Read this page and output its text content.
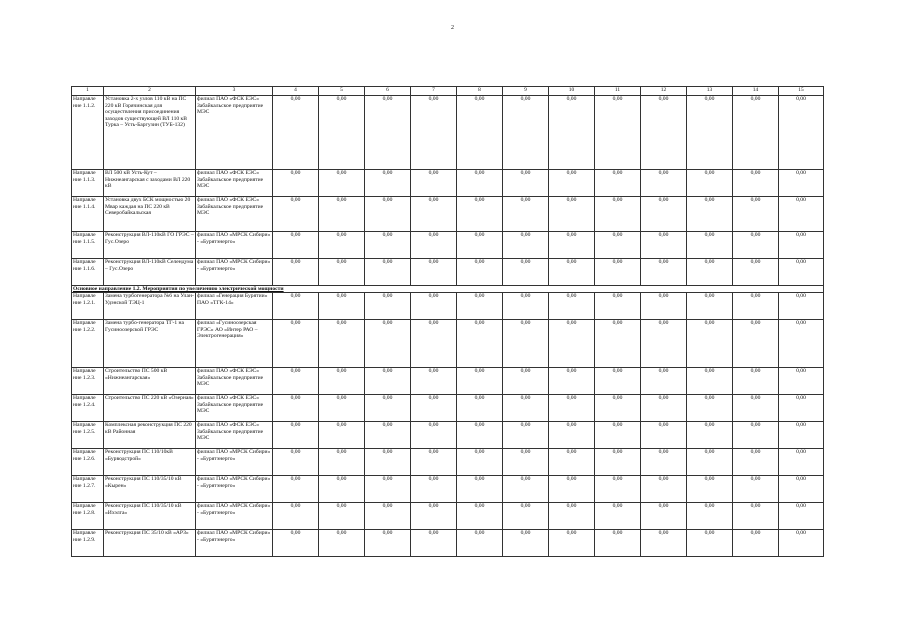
2
1	2	3	4	5	6	7	8	9	10	11	12	13	14	15
Направле
ние 1.1.2.	Установка 2-х узлов 110 кВ на ПС 220 кВ Горячинская для осуществления присоединения заходов существующей ВЛ 110 кВ Турка – Усть-Баргузин (ТУБ-132)	филиал ПАО «ФСК ЕЭС» Забайкальское предприятие МЭС	0,00	0,00	0,00	0,00	0,00	0,00	0,00	0,00	0,00	0,00	0,00	0,00
Направле
ние 1.1.3.	ВЛ 500 кВ Усть-Кут – Нижнеангарская с заходами ВЛ 220 кВ	филиал ПАО «ФСК ЕЭС» Забайкальское предприятие МЭС	0,00	0,00	0,00	0,00	0,00	0,00	0,00	0,00	0,00	0,00	0,00	0,00
Направле
ние 1.1.4.	Установка двух БСК мощностью 20 Мвар каждая на ПС 220 кВ Северобайкальская	филиал ПАО «ФСК ЕЭС» Забайкальское предприятие МЭС	0,00	0,00	0,00	0,00	0,00	0,00	0,00	0,00	0,00	0,00	0,00	0,00
Направле
ние 1.1.5.	Реконструкция ВЛ-110кВ ГО ГРЭС – Гус.Озеро	филиал ПАО «МРСК Сибири» - «Бурятэнерго»	0,00	0,00	0,00	0,00	0,00	0,00	0,00	0,00	0,00	0,00	0,00	0,00
Направле
ние 1.1.6.	Реконструкция ВЛ-110кВ Селендума – Гус.Озеро	филиал ПАО «МРСК Сибири» - «Бурятэнерго»	0,00	0,00	0,00	0,00	0,00	0,00	0,00	0,00	0,00	0,00	0,00	0,00
Основное направление 1.2. Мероприятия по увеличению электрической мощности														
Направле
ние 1.2.1.	Замена турбогенератора №6 на Улан-Удэнской ТЭЦ-1	филиал «Генерация Бурятии» ПАО «ТГК-14»	0,00	0,00	0,00	0,00	0,00	0,00	0,00	0,00	0,00	0,00	0,00	0,00
Направле
ние 1.2.2.	Замена турбо-генератора ТГ-1 на Гусиноозерской ГРЭС	филиал «Гусиноозерская ГРЭС» АО «Интер РАО – Электрогенерация»	0,00	0,00	0,00	0,00	0,00	0,00	0,00	0,00	0,00	0,00	0,00	0,00
Направле
ние 1.2.3.	Строительство ПС 500 кВ «Нижнеангарская»	филиал ПАО «ФСК ЕЭС» Забайкальское предприятие МЭС	0,00	0,00	0,00	0,00	0,00	0,00	0,00	0,00	0,00	0,00	0,00	0,00
Направле
ние 1.2.4.	Строительство ПС 220 кВ «Озерная»	филиал ПАО «ФСК ЕЭС» Забайкальское предприятие МЭС	0,00	0,00	0,00	0,00	0,00	0,00	0,00	0,00	0,00	0,00	0,00	0,00
Направле
ние 1.2.5.	Комплексная реконструкция ПС 220 кВ Районная	филиал ПАО «ФСК ЕЭС» Забайкальское предприятие МЭС	0,00	0,00	0,00	0,00	0,00	0,00	0,00	0,00	0,00	0,00	0,00	0,00
Направле
ние 1.2.6.	Реконструкция ПС 110/10кВ «Бурводстрой»	филиал ПАО «МРСК Сибири» - «Бурятэнерго»	0,00	0,00	0,00	0,00	0,00	0,00	0,00	0,00	0,00	0,00	0,00	0,00
Направле
ние 1.2.7.	Реконструкция ПС 110/35/10 кВ «Кырен»	филиал ПАО «МРСК Сибири» - «Бурятэнерго»	0,00	0,00	0,00	0,00	0,00	0,00	0,00	0,00	0,00	0,00	0,00	0,00
Направле
ние 1.2.8.	Реконструкция ПС 110/35/10 кВ «Ихэлга»	филиал ПАО «МРСК Сибири» - «Бурятэнерго»	0,00	0,00	0,00	0,00	0,00	0,00	0,00	0,00	0,00	0,00	0,00	0,00
Направле
ние 1.2.9.	Реконструкция ПС 35/10 кВ «АРЗ»	филиал ПАО «МРСК Сибири» - «Бурятэнерго»	0,00	0,00	0,00	0,00	0,00	0,00	0,00	0,00	0,00	0,00	0,00	0,00
